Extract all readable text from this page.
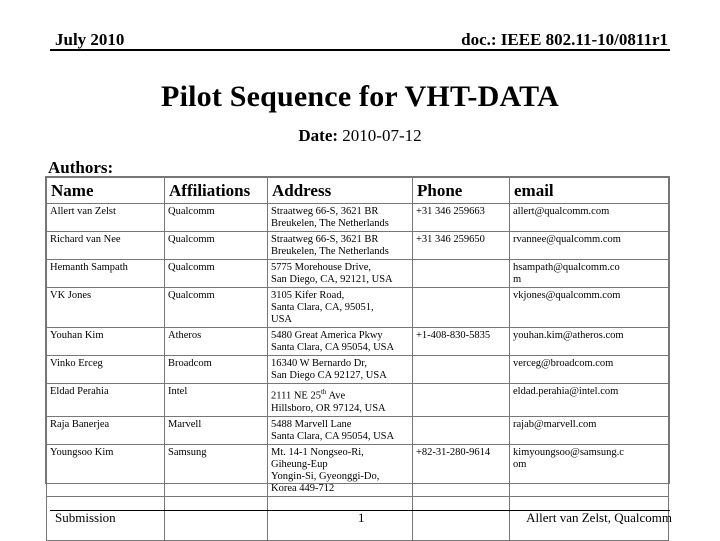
July 2010	doc.: IEEE 802.11-10/0811r1
Pilot Sequence for VHT-DATA
Date: 2010-07-12
Authors:
Name	Affiliations	Address	Phone	email
Allert van Zelst	Qualcomm	Straatweg 66-S, 3621 BR
Breukelen, The Netherlands	+31 346 259663	allert@qualcomm.com

Richard van Nee	Qualcomm	Straatweg 66-S, 3621 BR
Breukelen, The Netherlands	+31 346 259650	rvannee@qualcomm.com

Hemanth Sampath	Qualcomm	5775 Morehouse Drive,
San Diego, CA, 92121, USA		hsampath@qualcomm.co
m

VK Jones	Qualcomm	3105 Kifer Road,
Santa Clara, CA, 95051,
USA		vkjones@qualcomm.com

Youhan Kim	Atheros	5480 Great America Pkwy
Santa Clara, CA 95054, USA	+1-408-830-5835	youhan.kim@atheros.com

Vinko Erceg	Broadcom	16340 W Bernardo Dr,
San Diego CA 92127, USA		verceg@broadcom.com

Eldad Perahia	Intel	2111 NE 25th Ave
Hillsboro, OR 97124, USA		eldad.perahia@intel.com

Raja Banerjea	Marvell	5488 Marvell Lane
Santa Clara, CA 95054, USA		rajab@marvell.com

Youngsoo Kim	Samsung	Mt. 14-1 Nongseo-Ri,
Giheung-Eup
Yongin-Si, Gyeonggi-Do,
Korea 449-712	+82-31-280-9614	kimyoungsoo@samsung.c
om

Submission	1	Allert van Zelst, Qualcomm
